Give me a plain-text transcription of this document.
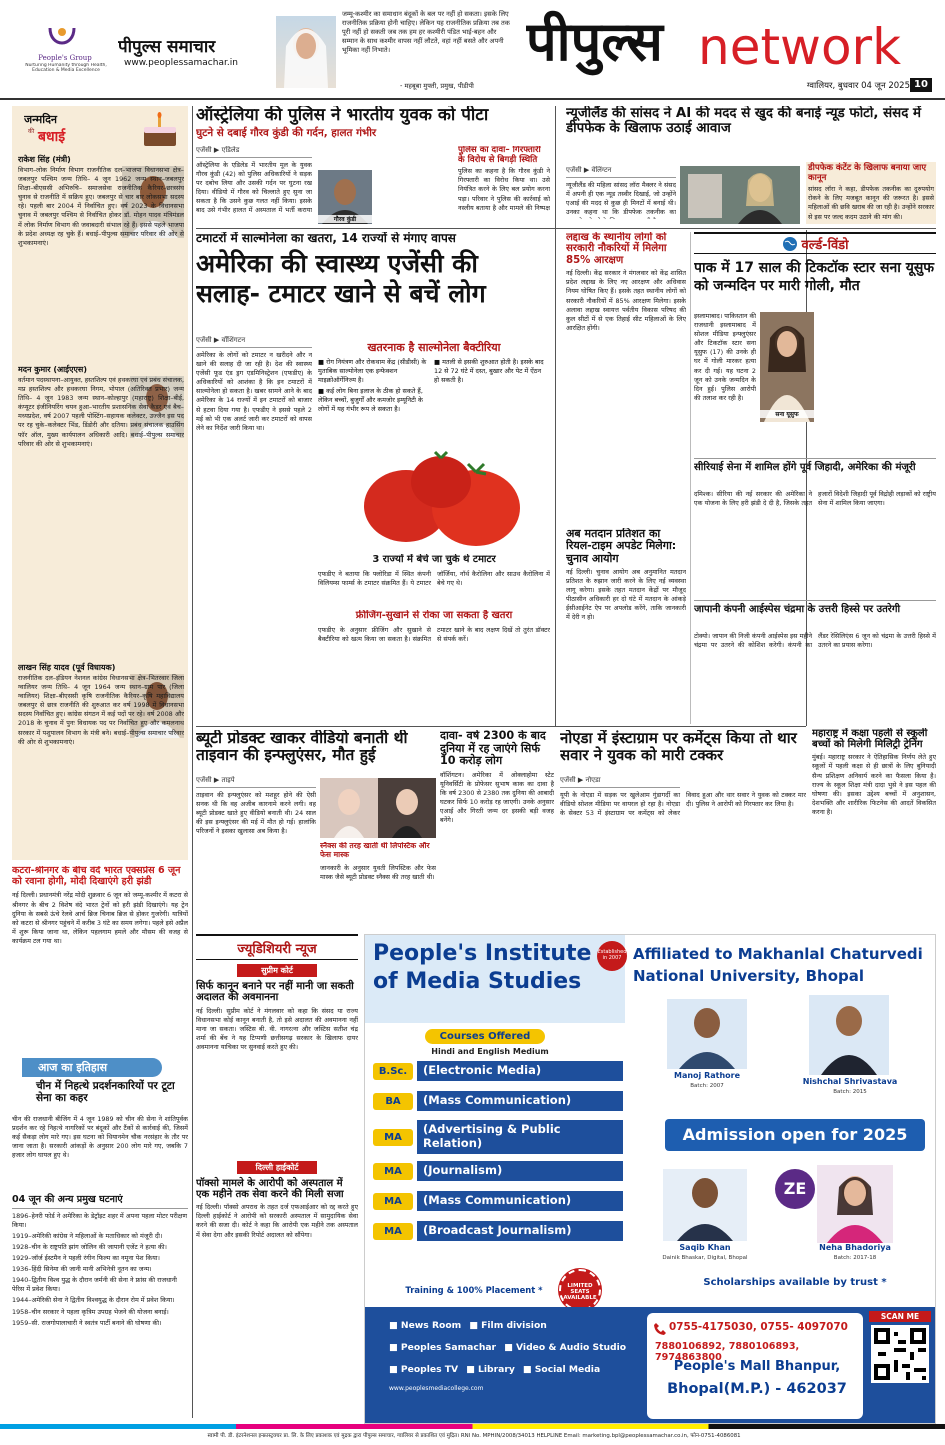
People's Group
Nurturing Humanity through Health, Education & Media Excellence
पीपुल्स समाचार
www.peoplessamachar.in
जम्मू-कश्मीर का समाधान बंदूकों के बल पर नहीं हो सकता। इसके लिए राजनीतिक प्रक्रिया होनी चाहिए। लेकिन यह राजनीतिक प्रक्रिया तब तक पूरी नहीं हो सकती जब तक हम हर कश्मीरी पंडित भाई-बहन और सम्मान के साथ कश्मीर वापस नहीं लौटते, वहां नहीं बसते और अपनी भूमिका नहीं निभाते।
- महबूबा मुफ्ती, प्रमुख, पीडीपी
पीपुल्स network
ग्वालियर, बुधवार 04 जून 2025 10
जन्मदिन
की बधाई
राकेश सिंह (मंत्री)
विभाग–लोक निर्माण विभाग राजनीतिक दल–भाजपा विधानसभा क्षेत्र–जबलपुर पश्चिम जन्म तिथि– 4 जून 1962 जन्म स्थान–जबलपुर शिक्षा–बीएससी अभिरुचि– समाजसेवा राजनीतिक कैरियर–छात्रसंघ चुनाव से राजनीति में सक्रिय हुए। जबलपुर से चार बार लोकसभा सदस्य रहे। पहली बार 2004 में निर्वाचित हुए। वर्ष 2023 के विधानसभा चुनाव में जबलपुर पश्चिम से निर्वाचित होकर डॉ. मोहन यादव मंत्रिमंडल में लोक निर्माण विभाग की जवाबदारी संभाल रहे हैं। इससे पहले भाजपा के प्रदेश अध्यक्ष रह चुके हैं। बधाई–पीपुल्स समाचार परिवार की ओर से शुभकामनाएं।
मदन कुमार (आईएएस)
वर्तमान पदस्थापना–आयुक्त, हस्तशिल्प एवं हथकरघा एवं प्रबंध संचालक, मप्र हस्तशिल्प और हथकरघा निगम, भोपाल (अतिरिक्त प्रभार) जन्म तिथि– 4 जून 1983 जन्म स्थान–कोल्हापुर (महाराष्ट्र) शिक्षा–बीई, कंप्यूटर इंजीनियरिंग चयन हुआ–भारतीय प्रशासनिक सेवा कैडर एवं बैच–मध्यप्रदेश, वर्ष 2007 पहली पोस्टिंग–सहायक कलेक्टर, उज्जैन इस पद पर रह चुके–कलेक्टर भिंड, डिंडोरी और दतिया। प्रबंध संचालक हाउसिंग फॉर ऑल, मुख्य कार्यपालन अधिकारी आदि। बधाई–पीपुल्स समाचार परिवार की ओर से शुभकामनाएं।
लाखन सिंह यादव (पूर्व विधायक)
राजनीतिक दल–इंडियन नेशनल कांग्रेस विधानसभा क्षेत्र–भितरवार जिला ग्वालियर जन्म तिथि– 4 जून 1964 जन्म स्थान–ग्राम पार (जिला ग्वालियर) शिक्षा–बीएससी कृषि राजनीतिक कैरियर–कृषि महाविद्यालय जबलपुर से छात्र राजनीति की शुरुआत कर वर्ष 1998 में विधानसभा सदस्य निर्वाचित हुए। कांग्रेस संगठन में कई पदों पर रहे। वर्ष 2008 और 2018 के चुनाव में पुनः विधायक पद पर निर्वाचित हुए और कमलनाथ सरकार में पशुपालन विभाग के मंत्री बने। बधाई–पीपुल्स समाचार परिवार की ओर से शुभकामनाएं।
कटरा-श्रीनगर के बीच वंदे भारत एक्सप्रेस 6 जून को रवाना होगी, मोदी दिखाएंगे हरी झंडी
नई दिल्ली। प्रधानमंत्री नरेंद्र मोदी शुक्रवार 6 जून को जम्मू-कश्मीर में कटरा से श्रीनगर के बीच 2 विशेष वंदे भारत ट्रेनों को हरी झंडी दिखाएंगे। यह ट्रेन दुनिया के सबसे ऊंचे रेलवे आर्च ब्रिज चिनाब ब्रिज से होकर गुजरेगी। यात्रियों को कटरा से श्रीनगर पहुंचने में करीब 3 घंटे का समय लगेगा। पहले इसे अप्रैल में शुरू किया जाना था, लेकिन पहलगाम हमले और मौसम की वजह से कार्यक्रम टल गया था।
आज का इतिहास
चीन में निहत्थे प्रदर्शनकारियों पर टूटा सेना का कहर
चीन की राजधानी बीजिंग में 4 जून 1989 को चीन की सेना ने शांतिपूर्वक प्रदर्शन कर रहे निहत्थे नागरिकों पर बंदूकों और टैंकों से कार्रवाई की, जिसमें कई सैकड़ा लोग मारे गए। इस घटना को थियानमेन चौक नरसंहार के तौर पर जाना जाता है। सरकारी आंकड़ों के अनुसार 200 लोग मारे गए, जबकि 7 हजार लोग घायल हुए थे।
04 जून की अन्य प्रमुख घटनाएं
1896–हेनरी फोर्ड ने अमेरिका के डेट्रॉइट शहर में अपना पहला मोटर परीक्षण किया।
1919–अमेरिकी कांग्रेस ने महिलाओं के मताधिकार को मंजूरी दी।
1928–चीन के राष्ट्रपति झांग जोलिन की जापानी एजेंट ने हत्या की।
1929–जॉर्ज ईस्टमैन ने पहली रंगीन फिल्म का नमूना पेश किया।
1936–हिंदी सिनेमा की जानी मानी अभिनेत्री नूतन का जन्म।
1940–द्वितीय विश्व युद्ध के दौरान जर्मनी की सेना ने फ्रांस की राजधानी पेरिस में प्रवेश किया।
1944–अमेरिकी सेना ने द्वितीय विश्वयुद्ध के दौरान रोम में प्रवेश किया।
1958–चीन सरकार ने पहला कृत्रिम उपग्रह भेजने की योजना बनाई।
1959–सी. राजगोपालाचारी ने स्वतंत्र पार्टी बनाने की घोषणा की।
ऑस्ट्रेलिया की पुलिस ने भारतीय युवक को पीटा
घुटने से दबाई गौरव कुंडी की गर्दन, हालत गंभीर
एजेंसी ▶ एडिलेड
ऑस्ट्रेलिया के एडिलेड में भारतीय मूल के युवक गौरव कुंडी (42) को पुलिस अधिकारियों ने सड़क पर दबोच लिया और उसकी गर्दन पर घुटना रख दिया। वीडियो में गौरव को चिल्लाते हुए सुना जा सकता है कि उसने कुछ गलत नहीं किया। इसके बाद उसे गंभीर हालत में अस्पताल में भर्ती कराया
गौरव कुंडी
पुलिस का दावा– गिरफ्तारी के विरोध से बिगड़ी स्थिति
पुलिस का कहना है कि गौरव कुंडी ने गिरफ्तारी का विरोध किया था। उसे नियंत्रित करने के लिए बल प्रयोग करना पड़ा। परिवार ने पुलिस की कार्रवाई को नस्लीय बताया है और मामले की निष्पक्ष
न्यूजीलैंड की सांसद ने AI की मदद से खुद की बनाई न्यूड फोटो, संसद में डीपफेक के खिलाफ उठाई आवाज
एजेंसी ▶ वेलिंग्टन
न्यूजीलैंड की महिला सांसद लॉरा मैक्लर ने संसद में अपनी ही एक न्यूड तस्वीर दिखाई, जो उन्होंने एआई की मदद से कुछ ही मिनटों में बनाई थी। उनका कहना था कि डीपफेक तकनीक का
डीपफेक कंटेंट के खिलाफ बनाया जाए कानून
सांसद लॉरा ने कहा, डीपफेक तकनीक का दुरुपयोग रोकने के लिए मजबूत कानून की जरूरत है। इससे महिलाओं की छवि खराब की जा रही है। उन्होंने सरकार से इस पर जल्द कदम उठाने की मांग की।
टमाटरों में साल्मोनेला का खतरा, 14 राज्यों से मंगाए वापस
अमेरिका की स्वास्थ्य एजेंसी की सलाह- टमाटर खाने से बचें लोग
एजेंसी ▶ वॉशिंगटन
अमेरिका के लोगों को टमाटर न खरीदने और न खाने की सलाह दी जा रही है। देश की स्वास्थ्य एजेंसी फूड एंड ड्रग एडमिनिस्ट्रेशन (एफडीए) के अधिकारियों को आशंका है कि इन टमाटरों में साल्मोनेला हो सकता है। खबर सामने आने के बाद अमेरिका के 14 राज्यों में इन टमाटरों को बाजार से हटवा दिया गया है। एफडीए ने इससे पहले 2 मई को भी एक अलर्ट जारी कर टमाटरों को वापस लेने का निर्देश जारी किया था।
खतरनाक है साल्मोनेला बैक्टीरिया
■ रोग नियंत्रण और रोकथाम केंद्र (सीडीसी) के मुताबिक साल्मोनेला एक इन्फेक्शन माइक्रोऑर्गेनिज्म है।■ मतली से इसकी शुरुआत होती है। इसके बाद 12 से 72 घंटे में दस्त, बुखार और पेट में ऐंठन हो सकती है।■ कई लोग बिना इलाज के ठीक हो सकते हैं, लेकिन बच्चों, बुजुर्गों और कमजोर इम्यूनिटी के लोगों में यह गंभीर रूप ले सकता है।
3 राज्यों में बेचे जा चुके थे टमाटर
एफडीए ने बताया कि फ्लोरिडा में स्थित कंपनी विलियम्स फार्म्स के टमाटर संक्रमित हैं। ये टमाटर जॉर्जिया, नॉर्थ कैरोलिना और साउथ कैरोलिना में बेचे गए थे।
फ्रीजिंग-सुखाने से रोका जा सकता है खतरा
एफडीए के अनुसार फ्रीजिंग और सुखाने से बैक्टीरिया को खत्म किया जा सकता है। संक्रमित टमाटर खाने के बाद लक्षण दिखें तो तुरंत डॉक्टर से संपर्क करें।
लद्दाख के स्थानीय लोगों को सरकारी नौकरियों में मिलेगा 85% आरक्षण
नई दिल्ली। केंद्र सरकार ने मंगलवार को केंद्र शासित प्रदेश लद्दाख के लिए नए आरक्षण और अधिवास नियम घोषित किए हैं। इसके तहत स्थानीय लोगों को सरकारी नौकरियों में 85% आरक्षण मिलेगा। इसके अलावा लद्दाख स्वायत्त पर्वतीय विकास परिषद की कुल सीटों में से एक तिहाई सीट महिलाओं के लिए आरक्षित होंगी।
अब मतदान प्रतिशत का रियल-टाइम अपडेट मिलेगा: चुनाव आयोग
नई दिल्ली। चुनाव आयोग अब अनुमानित मतदान प्रतिशत के रुझान जारी करने के लिए नई व्यवस्था लागू करेगा। इसके तहत मतदान केंद्रों पर मौजूद पीठासीन अधिकारी हर दो घंटे में मतदान के आंकड़े ईसीआईनेट ऐप पर अपलोड करेंगे, ताकि जानकारी में देरी न हो।
वर्ल्ड-विंडो
पाक में 17 साल की टिकटॉक स्टार सना यूसुफ को जन्मदिन पर मारी गोली, मौत
इस्लामाबाद। पाकिस्तान की राजधानी इस्लामाबाद में सोशल मीडिया इन्फ्लुएंसर और टिकटॉक स्टार सना यूसुफ (17) की उनके ही घर में गोली मारकर हत्या कर दी गई। यह घटना 2 जून को उनके जन्मदिन के दिन हुई। पुलिस आरोपी की तलाश कर रही है।
सना यूसुफ
सीरियाई सेना में शामिल होंगे पूर्व जिहादी, अमेरिका की मंजूरी
दमिश्क। सीरिया की नई सरकार की अमेरिका ने एक योजना के लिए हरी झंडी दे दी है, जिसके तहत हजारों विदेशी जिहादी पूर्व विद्रोही लड़ाकों को राष्ट्रीय सेना में शामिल किया जाएगा।
जापानी कंपनी आईस्पेस चंद्रमा के उत्तरी हिस्से पर उतरेगी
टोक्यो। जापान की निजी कंपनी आईस्पेस इस महीने चंद्रमा पर उतरने की कोशिश करेगी। कंपनी का लैंडर रेसिलिएंस 6 जून को चंद्रमा के उत्तरी हिस्से में उतरने का प्रयास करेगा।
महाराष्ट्र में कक्षा पहली से स्कूली बच्चों को मिलेगी मिलिट्री ट्रेनिंग
मुंबई। महाराष्ट्र सरकार ने ऐतिहासिक निर्णय लेते हुए स्कूलों में पहली कक्षा से ही छात्रों के लिए बुनियादी सैन्य प्रशिक्षण अनिवार्य करने का फैसला किया है। राज्य के स्कूल शिक्षा मंत्री दादा भुसे ने इस पहल की घोषणा की। इसका उद्देश्य बच्चों में अनुशासन, देशभक्ति और शारीरिक फिटनेस की आदतें विकसित करना है।
ब्यूटी प्रोडक्ट खाकर वीडियो बनाती थी ताइवान की इन्फ्लुएंसर, मौत हुई
एजेंसी ▶ ताइपे
ताइवान की इन्फ्लुएंसर को मशहूर होने की ऐसी सनक थी कि वह अजीब कारनामे करने लगी। वह ब्यूटी प्रोडक्ट खाते हुए वीडियो बनाती थी। 24 साल की इस इन्फ्लुएंसर की मई में मौत हो गई। हालांकि परिजनों ने इसका खुलासा अब किया है।
स्नैक्स की तरह खाती थी लिपस्टिक और फेस मास्क
जानकारी के अनुसार युवती लिपस्टिक और फेस मास्क जैसे ब्यूटी प्रोडक्ट स्नैक्स की तरह खाती थी।
दावा- वर्ष 2300 के बाद दुनिया में रह जाएंगे सिर्फ 10 करोड़ लोग
वॉशिंगटन। अमेरिका में ओक्लाहोमा स्टेट यूनिवर्सिटी के प्रोफेसर सुभाष काक का दावा है कि वर्ष 2300 से 2380 तक दुनिया की आबादी घटकर सिर्फ 10 करोड़ रह जाएगी। उनके अनुसार एआई और गिरती जन्म दर इसकी बड़ी वजह बनेंगे।
नोएडा में इंस्टाग्राम पर कमेंट्स किया तो थार सवार ने युवक को मारी टक्कर
एजेंसी ▶ नोएडा
यूपी के नोएडा में सड़क पर खुलेआम गुंडागर्दी का वीडियो सोशल मीडिया पर वायरल हो रहा है। नोएडा के सेक्टर 53 में इंस्टाग्राम पर कमेंट्स को लेकर विवाद हुआ और थार सवार ने युवक को टक्कर मार दी। पुलिस ने आरोपी को गिरफ्तार कर लिया है।
ज्यूडिशियरी न्यूज
सुप्रीम कोर्ट
सिर्फ कानून बनाने पर नहीं मानी जा सकती अदालत की अवमानना
नई दिल्ली। सुप्रीम कोर्ट ने मंगलवार को कहा कि संसद या राज्य विधानसभा कोई कानून बनाती है, तो इसे अदालत की अवमानना नहीं माना जा सकता। जस्टिस बी. वी. नागरत्ना और जस्टिस सतीश चंद्र शर्मा की बेंच ने यह टिप्पणी छत्तीसगढ़ सरकार के खिलाफ दायर अवमानना याचिका पर सुनवाई करते हुए की।
दिल्ली हाईकोर्ट
पॉक्सो मामले के आरोपी को अस्पताल में एक महीने तक सेवा करने की मिली सजा
नई दिल्ली। पॉक्सो अपराध के तहत दर्ज एफआईआर को रद्द करते हुए दिल्ली हाईकोर्ट ने आरोपी को सरकारी अस्पताल में सामुदायिक सेवा करने की सजा दी। कोर्ट ने कहा कि आरोपी एक महीने तक अस्पताल में सेवा देगा और इसकी रिपोर्ट अदालत को सौंपेगा।
People's Institute
of Media Studies
Established in 2007 Affiliated to Makhanlal Chaturvedi
National University, Bhopal
Courses Offered
Hindi and English Medium
B.Sc.	(Electronic Media)
BA	(Mass Communication)
MA
(Advertising & Public Relation)
MA	(Journalism)
MA	(Mass Communication)
MA	(Broadcast Journalism)
Manoj Rathore
Batch: 2007	Nishchal Shrivastava
Batch: 2015
Admission open for 2025
Saqib Khan
Dainik Bhaskar, Digital, Bhopal
ZE
Neha Bhadoriya
Batch: 2017-18
LIMITED SEATS AVAILABLE
Training & 100% Placement *
Scholarships available by trust *
■ News Room ■ Film division■ Peoples Samachar ■ Video & Audio Studio■ Peoples TV ■ Library ■ Social Media
www.peoplesmediacollege.com
0755-4175030, 0755- 4097070
7880106892, 7880106893, 7974863800
People's Mall Bhanpur,
Bhopal(M.P.) - 462037
SCAN ME
स्वामी पी. डी. इंटरनेशनल इन्फ्रास्ट्रक्चर प्रा. लि. के लिए प्रकाशक एवं मुद्रक द्वारा पीपुल्स समाचार, ग्वालियर से प्रकाशित एवं मुद्रित। RNI No. MPHIN/2008/34013 HELPLINE Email: marketing.bpl@peoplessamachar.co.in, फोन-0751-4086081
